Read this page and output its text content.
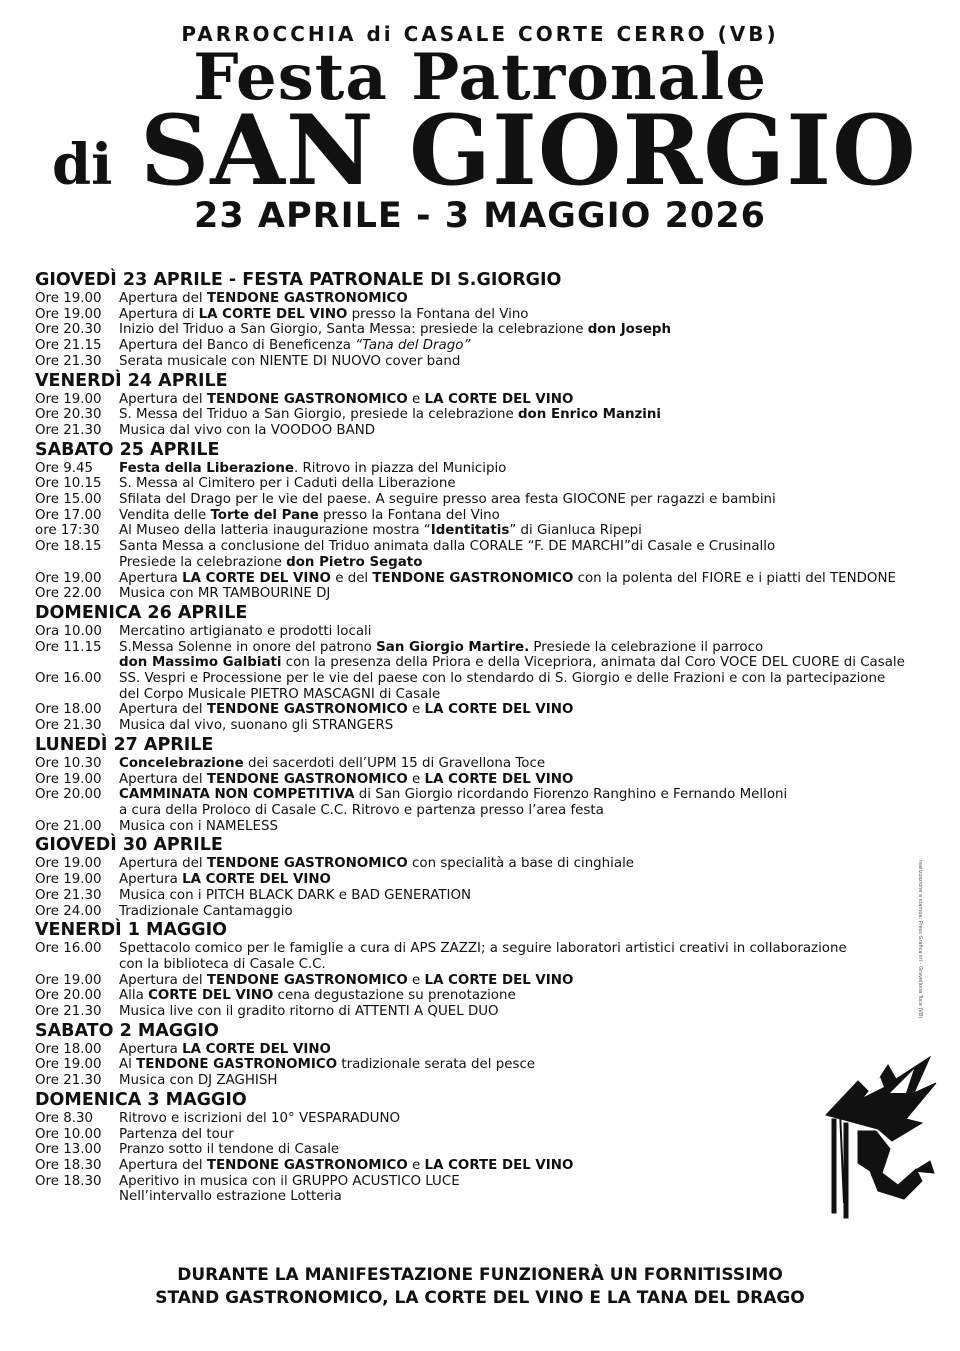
PARROCCHIA di CASALE CORTE CERRO (VB)
Festa Patronale
di SAN GIORGIO
23 APRILE - 3 MAGGIO 2026
GIOVEDÌ 23 APRILE - FESTA PATRONALE DI S.GIORGIO
Ore 19.00	Apertura del TENDONE GASTRONOMICO
Ore 19.00	Apertura di LA CORTE DEL VINO presso la Fontana del Vino
Ore 20.30	Inizio del Triduo a San Giorgio, Santa Messa: presiede la celebrazione don Joseph
Ore 21.15	Apertura del Banco di Beneficenza “Tana del Drago”
Ore 21.30	Serata musicale con NIENTE DI NUOVO cover band
VENERDÌ 24 APRILE
Ore 19.00	Apertura del TENDONE GASTRONOMICO e LA CORTE DEL VINO
Ore 20.30	S. Messa del Triduo a San Giorgio, presiede la celebrazione don Enrico Manzini
Ore 21.30	Musica dal vivo con la VOODOO BAND
SABATO 25 APRILE
Ore 9.45	Festa della Liberazione. Ritrovo in piazza del Municipio
Ore 10.15	S. Messa al Cimitero per i Caduti della Liberazione
Ore 15.00	Sfilata del Drago per le vie del paese. A seguire presso area festa GIOCONE per ragazzi e bambini
Ore 17.00	Vendita delle Torte del Pane presso la Fontana del Vino
ore 17:30	Al Museo della latteria inaugurazione mostra “Identitatis” di Gianluca Ripepi
Ore 18.15	Santa Messa a conclusione del Triduo animata dalla CORALE “F. DE MARCHI”di Casale e Crusinallo
Presiede la celebrazione don Pietro Segato
Ore 19.00	Apertura LA CORTE DEL VINO e del TENDONE GASTRONOMICO con la polenta del FIORE e i piatti del TENDONE
Ore 22.00	Musica con MR TAMBOURINE DJ
DOMENICA 26 APRILE
Ora 10.00	Mercatino artigianato e prodotti locali
Ore 11.15	S.Messa Solenne in onore del patrono San Giorgio Martire. Presiede la celebrazione il parroco
don Massimo Galbiati con la presenza della Priora e della Vicepriora, animata dal Coro VOCE DEL CUORE di Casale
Ore 16.00	SS. Vespri e Processione per le vie del paese con lo stendardo di S. Giorgio e delle Frazioni e con la partecipazione
del Corpo Musicale PIETRO MASCAGNI di Casale
Ore 18.00	Apertura del TENDONE GASTRONOMICO e LA CORTE DEL VINO
Ore 21.30	Musica dal vivo, suonano gli STRANGERS
LUNEDÌ 27 APRILE
Ore 10.30	Concelebrazione dei sacerdoti dell’UPM 15 di Gravellona Toce
Ore 19.00	Apertura del TENDONE GASTRONOMICO e LA CORTE DEL VINO
Ore 20.00	CAMMINATA NON COMPETITIVA di San Giorgio ricordando Fiorenzo Ranghino e Fernando Melloni
a cura della Proloco di Casale C.C. Ritrovo e partenza presso l’area festa
Ore 21.00	Musica con i NAMELESS
GIOVEDÌ 30 APRILE
Ore 19.00	Apertura del TENDONE GASTRONOMICO con specialità a base di cinghiale
Ore 19.00	Apertura LA CORTE DEL VINO
Ore 21.30	Musica con i PITCH BLACK DARK e BAD GENERATION
Ore 24.00	Tradizionale Cantamaggio
VENERDÌ 1 MAGGIO
Ore 16.00	Spettacolo comico per le famiglie a cura di APS ZAZZI; a seguire laboratori artistici creativi in collaborazione
con la biblioteca di Casale C.C.
Ore 19.00	Apertura del TENDONE GASTRONOMICO e LA CORTE DEL VINO
Ore 20.00	Alla CORTE DEL VINO cena degustazione su prenotazione
Ore 21.30	Musica live con il gradito ritorno di ATTENTI A QUEL DUO
SABATO 2 MAGGIO
Ore 18.00	Apertura LA CORTE DEL VINO
Ore 19.00	Al TENDONE GASTRONOMICO tradizionale serata del pesce
Ore 21.30	Musica con DJ ZAGHISH
DOMENICA 3 MAGGIO
Ore 8.30	Ritrovo e iscrizioni del 10° VESPARADUNO
Ore 10.00	Partenza del tour
Ore 13.00	Pranzo sotto il tendone di Casale
Ore 18.30	Apertura del TENDONE GASTRONOMICO e LA CORTE DEL VINO
Ore 18.30	Aperitivo in musica con il GRUPPO ACUSTICO LUCE
Nell’intervallo estrazione Lotteria
DURANTE LA MANIFESTAZIONE FUNZIONERÀ UN FORNITISSIMO
STAND GASTRONOMICO, LA CORTE DEL VINO E LA TANA DEL DRAGO
realizzazione e stampa: Press Grafica srl - Gravellona Toce (VB)
